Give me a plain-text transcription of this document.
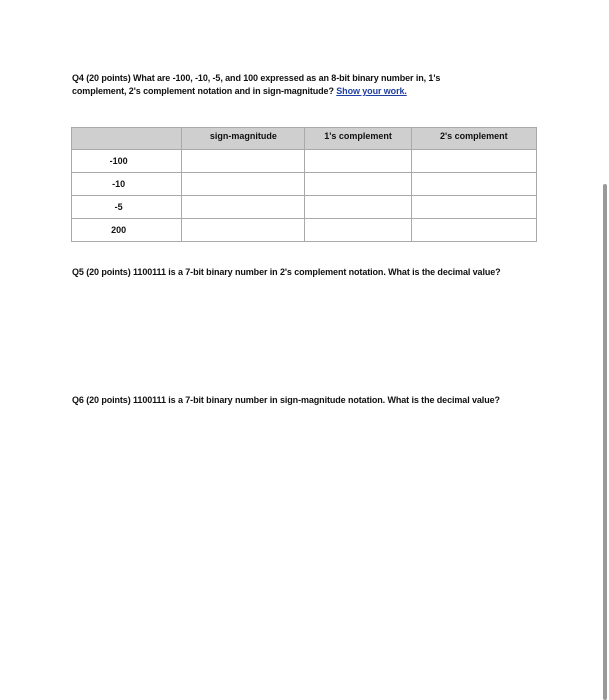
Q4 (20 points) What are -100, -10, -5, and 100 expressed as an 8-bit binary number in, 1's complement, 2's complement notation and in sign-magnitude? Show your work.
	sign-magnitude	1's complement	2's complement
-100			
-10			
-5			
200			
Q5 (20 points) 1100111 is a 7-bit binary number in 2's complement notation. What is the decimal value?
Q6 (20 points) 1100111 is a 7-bit binary number in sign-magnitude notation. What is the decimal value?
